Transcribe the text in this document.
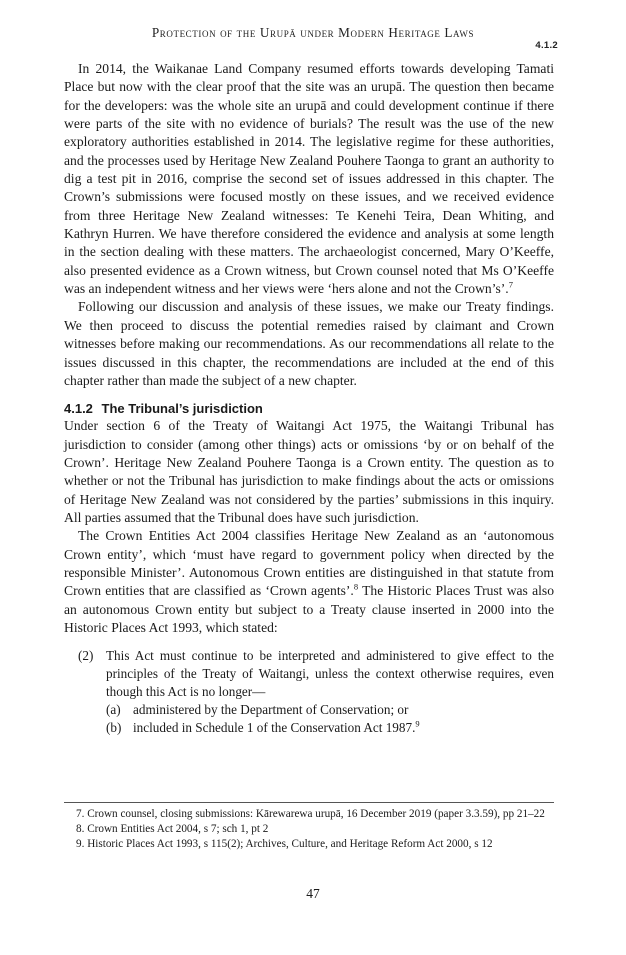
Protection of the Urupā under Modern Heritage Laws
4.1.2

In 2014, the Waikanae Land Company resumed efforts towards developing Tamati Place but now with the clear proof that the site was an urupā. The question then became for the developers: was the whole site an urupā and could development continue if there were parts of the site with no evidence of burials? The result was the use of the new exploratory authorities established in 2014. The legislative regime for these authorities, and the processes used by Heritage New Zealand Pouhere Taonga to grant an authority to dig a test pit in 2016, comprise the second set of issues addressed in this chapter. The Crown’s submissions were focused mostly on these issues, and we received evidence from three Heritage New Zealand witnesses: Te Kenehi Teira, Dean Whiting, and Kathryn Hurren. We have therefore considered the evidence and analysis at some length in the section dealing with these matters. The archaeologist concerned, Mary O’Keeffe, also presented evidence as a Crown witness, but Crown counsel noted that Ms O’Keeffe was an independent witness and her views were ‘hers alone and not the Crown’s’.$^7$

Following our discussion and analysis of these issues, we make our Treaty findings. We then proceed to discuss the potential remedies raised by claimant and Crown witnesses before making our recommendations. As our recommendations all relate to the issues discussed in this chapter, the recommendations are included at the end of this chapter rather than made the subject of a new chapter.

4.1.2 The Tribunal’s jurisdiction

Under section 6 of the Treaty of Waitangi Act 1975, the Waitangi Tribunal has jurisdiction to consider (among other things) acts or omissions ‘by or on behalf of the Crown’. Heritage New Zealand Pouhere Taonga is a Crown entity. The question as to whether or not the Tribunal has jurisdiction to make findings about the acts or omissions of Heritage New Zealand was not considered by the parties’ submissions in this inquiry. All parties assumed that the Tribunal does have such jurisdiction.

The Crown Entities Act 2004 classifies Heritage New Zealand as an ‘autonomous Crown entity’, which ‘must have regard to government policy when directed by the responsible Minister’. Autonomous Crown entities are distinguished in that statute from Crown entities that are classified as ‘Crown agents’.$^8$ The Historic Places Trust was also an autonomous Crown entity but subject to a Treaty clause inserted in 2000 into the Historic Places Act 1993, which stated:

(2) This Act must continue to be interpreted and administered to give effect to the principles of the Treaty of Waitangi, unless the context otherwise requires, even though this Act is no longer—
(a) administered by the Department of Conservation; or
(b) included in Schedule 1 of the Conservation Act 1987.$^9$
7. Crown counsel, closing submissions: Kārewarewa urupā, 16 December 2019 (paper 3.3.59), pp 21–22
8. Crown Entities Act 2004, s 7; sch 1, pt 2
9. Historic Places Act 1993, s 115(2); Archives, Culture, and Heritage Reform Act 2000, s 12
47
